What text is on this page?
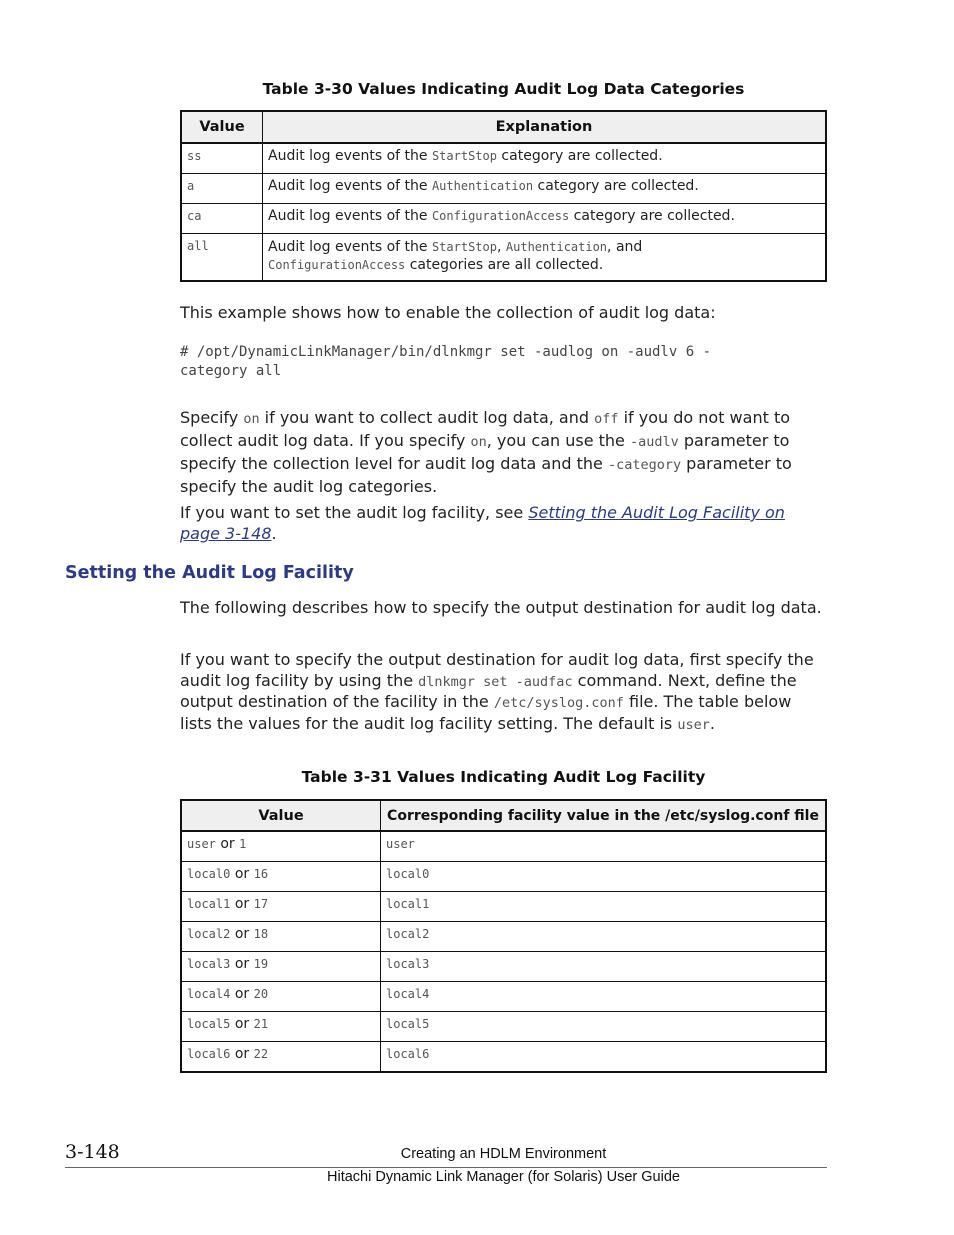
Table 3-30 Values Indicating Audit Log Data Categories
Value	Explanation
ss	Audit log events of the StartStop category are collected.
a	Audit log events of the Authentication category are collected.
ca	Audit log events of the ConfigurationAccess category are collected.
all	Audit log events of the StartStop, Authentication, and
ConfigurationAccess categories are all collected.
This example shows how to enable the collection of audit log data:
# /opt/DynamicLinkManager/bin/dlnkmgr set -audlog on -audlv 6 -
category all
Specify on if you want to collect audit log data, and off if you do not want to collect audit log data. If you specify on, you can use the -audlv parameter to specify the collection level for audit log data and the -category parameter to specify the audit log categories.
If you want to set the audit log facility, see Setting the Audit Log Facility on
page 3-148.
Setting the Audit Log Facility
The following describes how to specify the output destination for audit log data.
If you want to specify the output destination for audit log data, first specify the audit log facility by using the dlnkmgr set -audfac command. Next, define the output destination of the facility in the /etc/syslog.conf file. The table below lists the values for the audit log facility setting. The default is user.
Table 3-31 Values Indicating Audit Log Facility
Value	Corresponding facility value in the /etc/syslog.conf file
user or 1	user
local0 or 16	local0
local1 or 17	local1
local2 or 18	local2
local3 or 19	local3
local4 or 20	local4
local5 or 21	local5
local6 or 22	local6
3-148	Creating an HDLM Environment
Hitachi Dynamic Link Manager (for Solaris) User Guide
